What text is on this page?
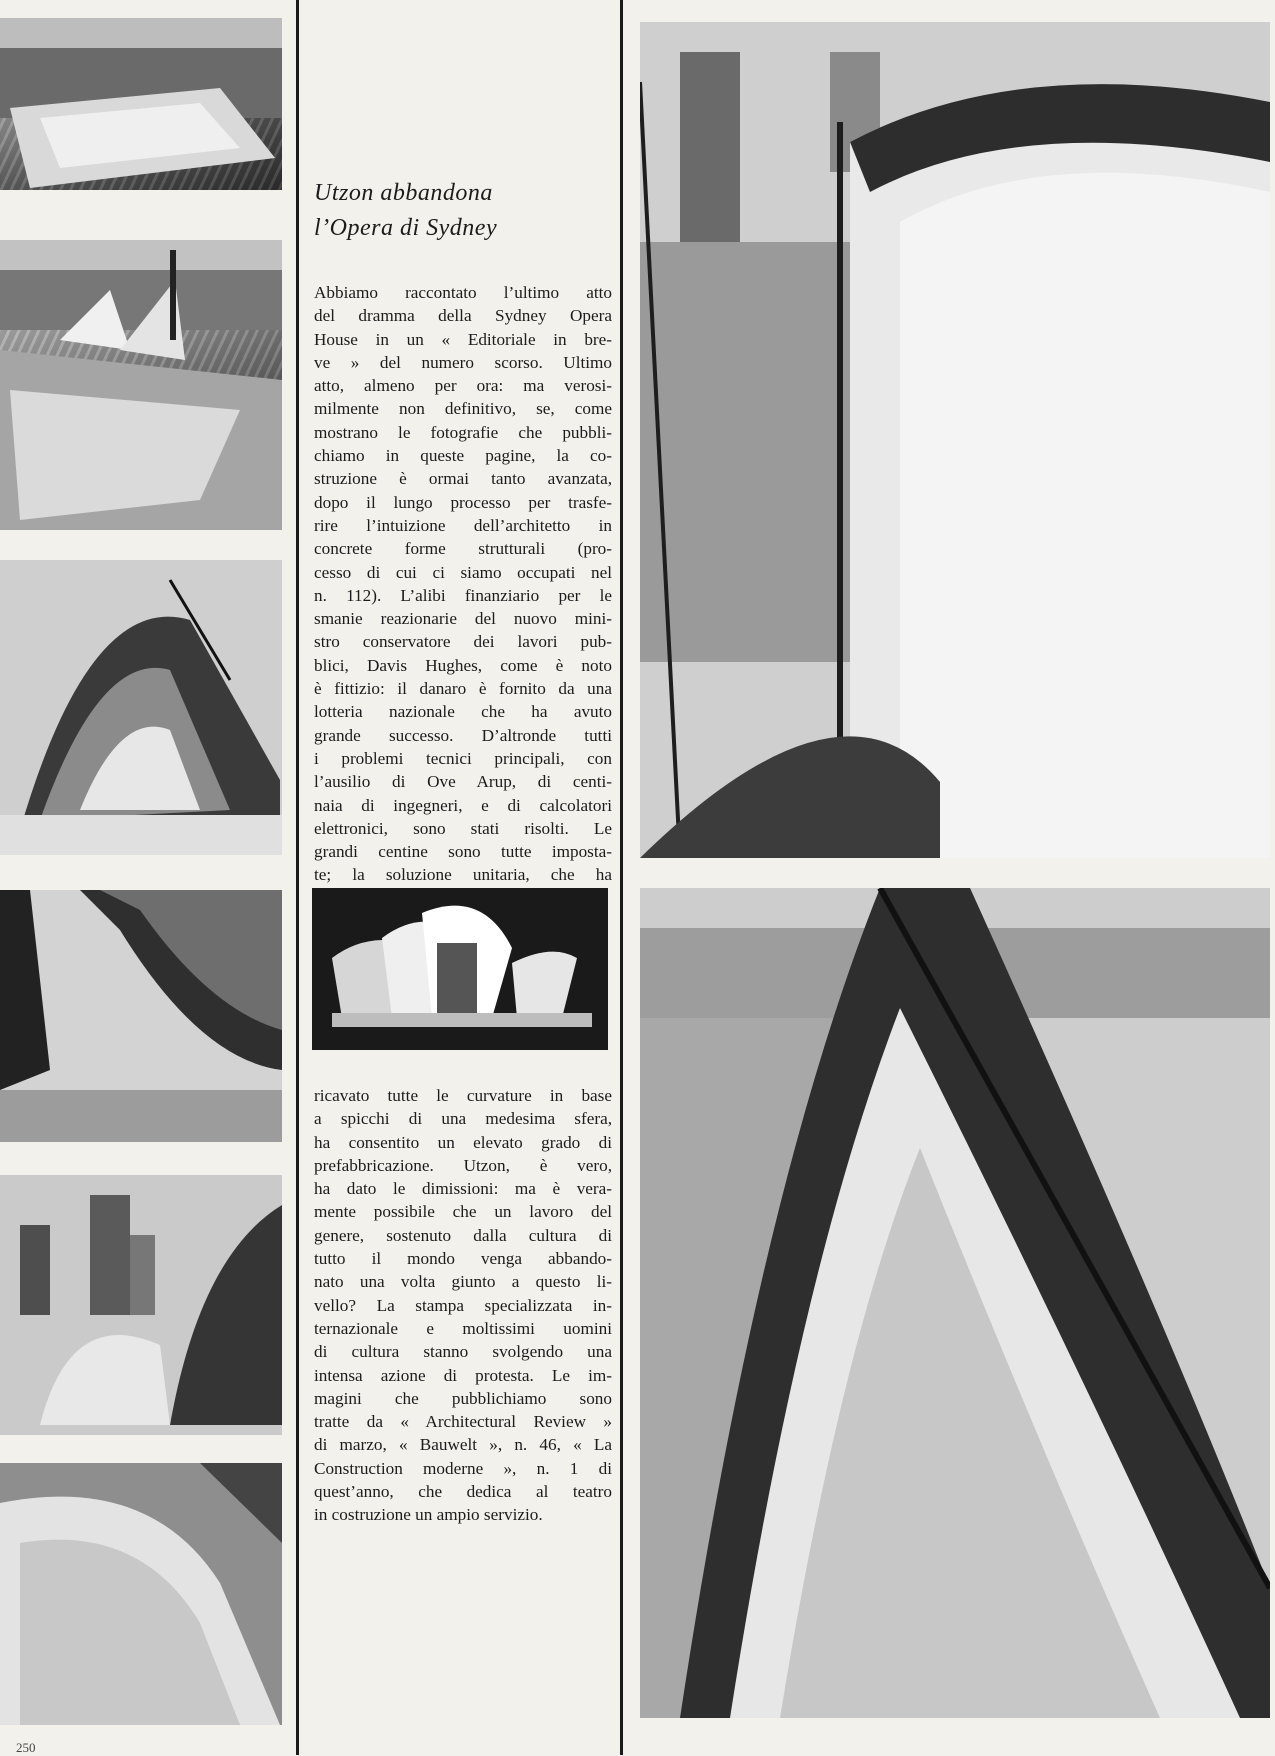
Utzon abbandona
l’Opera di Sydney
Abbiamo raccontato l’ultimo atto
del dramma della Sydney Opera
House in un « Editoriale in bre-
ve » del numero scorso. Ultimo
atto, almeno per ora: ma verosi-
milmente non definitivo, se, come
mostrano le fotografie che pubbli-
chiamo in queste pagine, la co-
struzione è ormai tanto avanzata,
dopo il lungo processo per trasfe-
rire l’intuizione dell’architetto in
concrete forme strutturali (pro-
cesso di cui ci siamo occupati nel
n. 112). L’alibi finanziario per le
smanie reazionarie del nuovo mini-
stro conservatore dei lavori pub-
blici, Davis Hughes, come è noto
è fittizio: il danaro è fornito da una
lotteria nazionale che ha avuto
grande successo. D’altronde tutti
i problemi tecnici principali, con
l’ausilio di Ove Arup, di centi-
naia di ingegneri, e di calcolatori
elettronici, sono stati risolti. Le
grandi centine sono tutte imposta-
te; la soluzione unitaria, che ha
ricavato tutte le curvature in base
a spicchi di una medesima sfera,
ha consentito un elevato grado di
prefabbricazione. Utzon, è vero,
ha dato le dimissioni: ma è vera-
mente possibile che un lavoro del
genere, sostenuto dalla cultura di
tutto il mondo venga abbando-
nato una volta giunto a questo li-
vello? La stampa specializzata in-
ternazionale e moltissimi uomini
di cultura stanno svolgendo una
intensa azione di protesta. Le im-
magini che pubblichiamo sono
tratte da « Architectural Review »
di marzo, « Bauwelt », n. 46, « La
Construction moderne », n. 1 di
quest’anno, che dedica al teatro
in costruzione un ampio servizio.
250
